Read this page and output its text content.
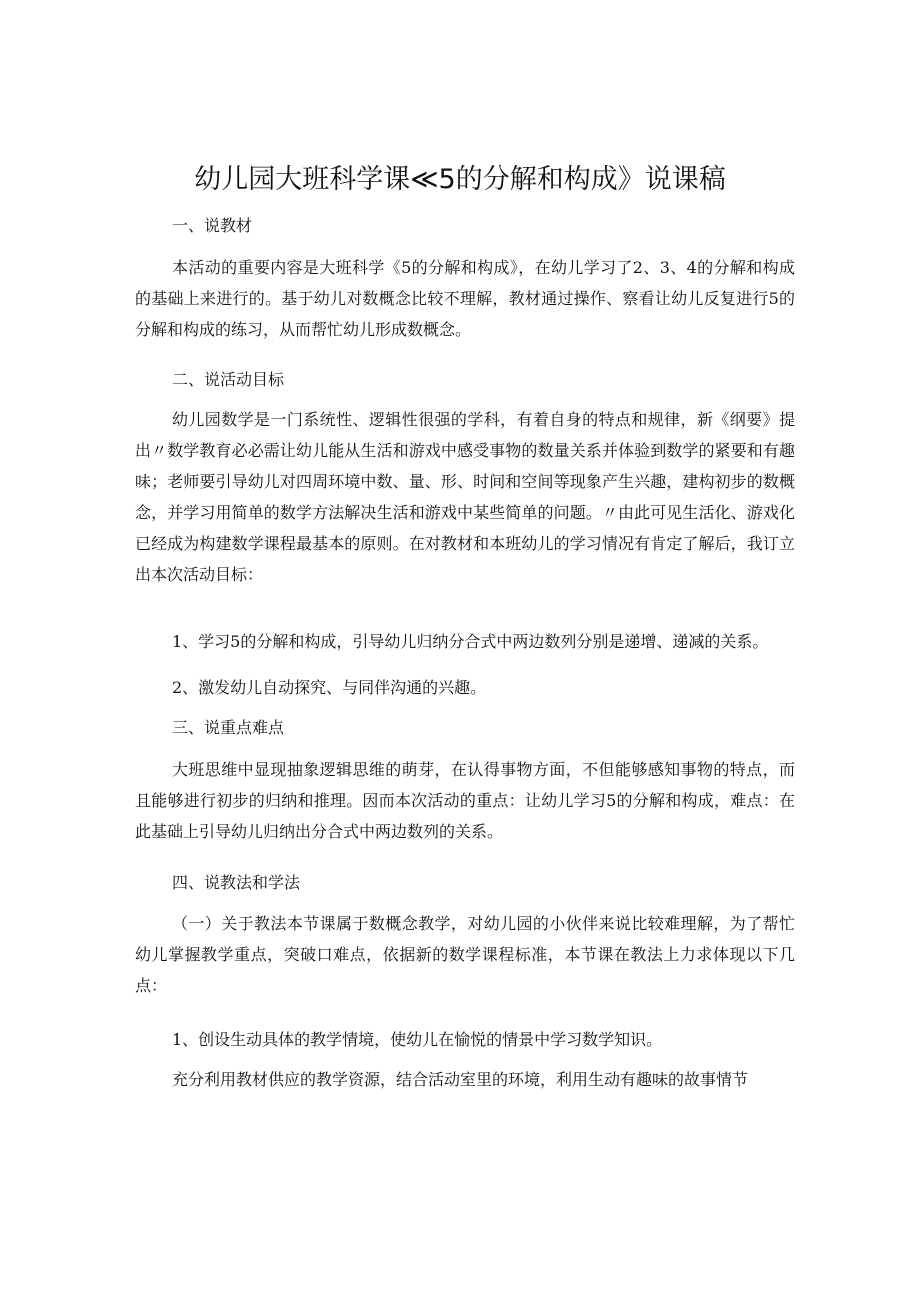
幼儿园大班科学课≪5的分解和构成》说课稿

一、说教材

本活动的重要内容是大班科学《5的分解和构成》，在幼儿学习了2、3、4的分解和构成的基础上来进行的。基于幼儿对数概念比较不理解，教材通过操作、察看让幼儿反复进行5的分解和构成的练习，从而帮忙幼儿形成数概念。

二、说活动目标

幼儿园数学是一门系统性、逻辑性很强的学科，有着自身的特点和规律，新《纲要》提出〃数学教育必必需让幼儿能从生活和游戏中感受事物的数量关系并体验到数学的紧要和有趣味；老师要引导幼儿对四周环境中数、量、形、时间和空间等现象产生兴趣，建构初步的数概念，并学习用简单的数学方法解决生活和游戏中某些简单的问题。〃由此可见生活化、游戏化已经成为构建数学课程最基本的原则。在对教材和本班幼儿的学习情况有肯定了解后，我订立出本次活动目标：

1、学习5的分解和构成，引导幼儿归纳分合式中两边数列分别是递增、递减的关系。

2、激发幼儿自动探究、与同伴沟通的兴趣。

三、说重点难点

大班思维中显现抽象逻辑思维的萌芽，在认得事物方面，不但能够感知事物的特点，而且能够进行初步的归纳和推理。因而本次活动的重点：让幼儿学习5的分解和构成，难点：在此基础上引导幼儿归纳出分合式中两边数列的关系。

四、说教法和学法

（一）关于教法本节课属于数概念教学，对幼儿园的小伙伴来说比较难理解，为了帮忙幼儿掌握教学重点，突破口难点，依据新的数学课程标准，本节课在教法上力求体现以下几点：

1、创设生动具体的教学情境，使幼儿在愉悦的情景中学习数学知识。

充分利用教材供应的教学资源，结合活动室里的环境，利用生动有趣味的故事情节
